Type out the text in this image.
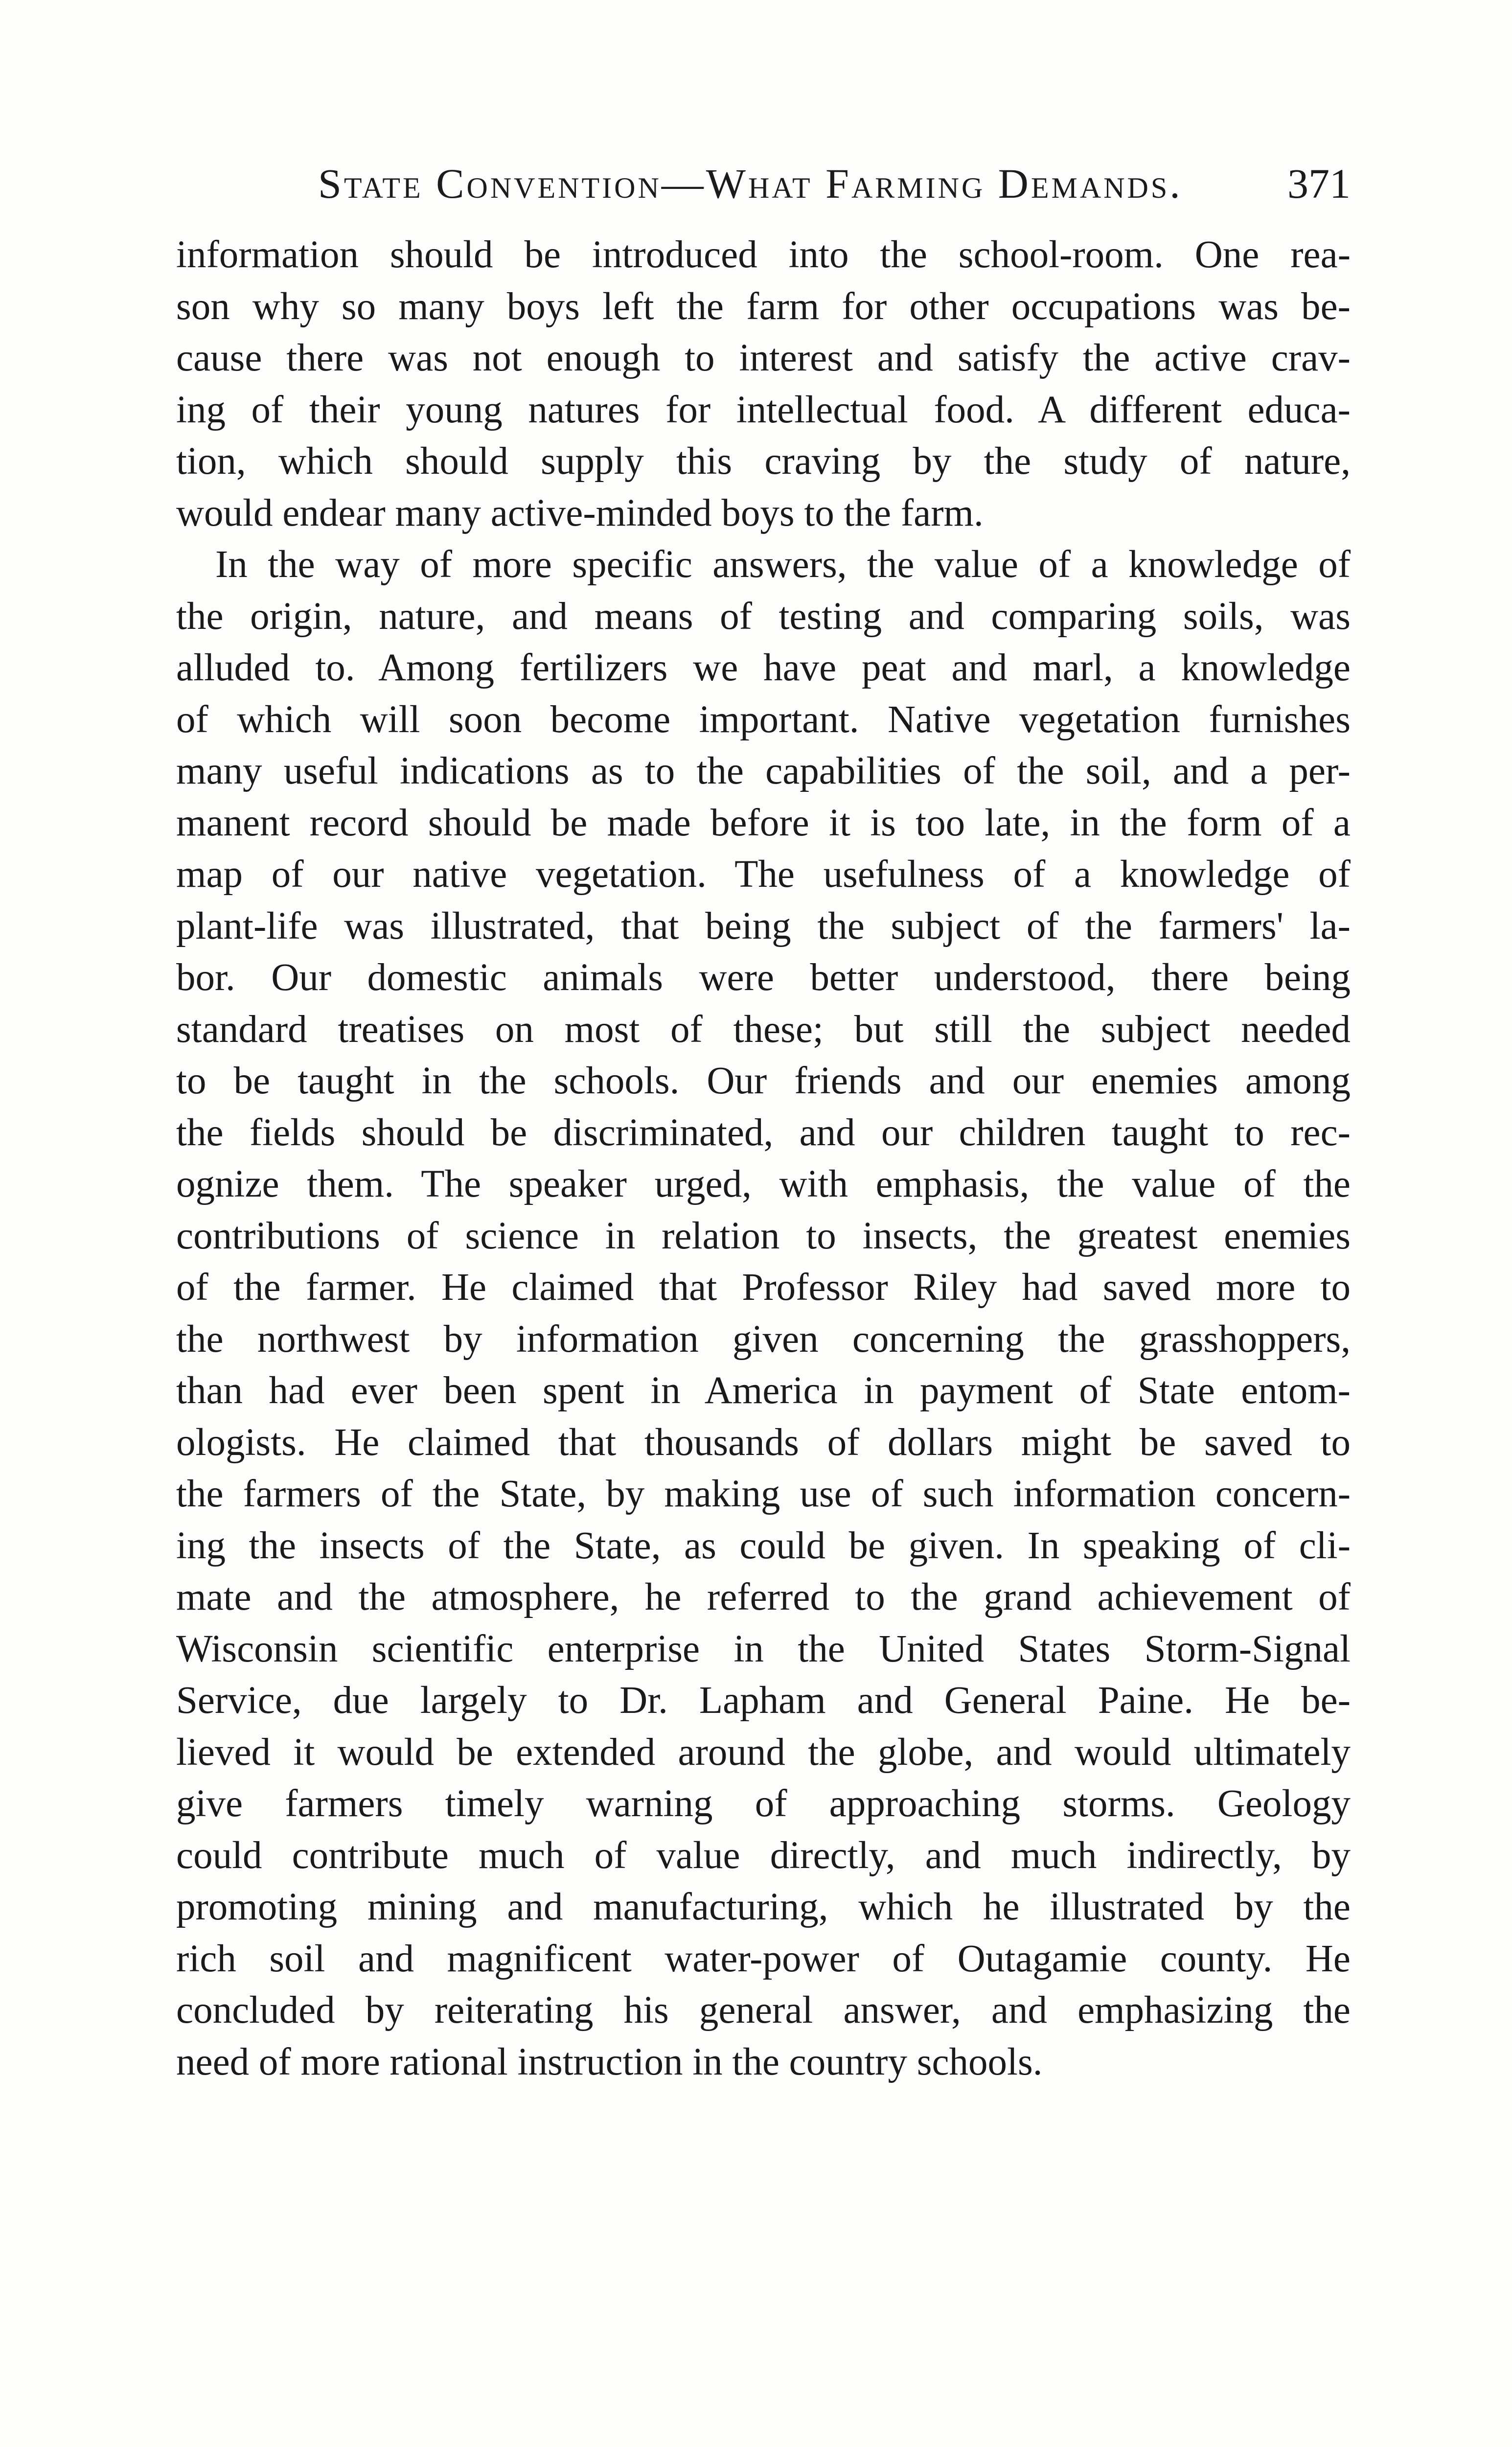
State Convention—What Farming Demands. 371
information should be introduced into the school-room. One rea-
son why so many boys left the farm for other occupations was be-
cause there was not enough to interest and satisfy the active crav-
ing of their young natures for intellectual food. A different educa-
tion, which should supply this craving by the study of nature,
would endear many active-minded boys to the farm.
In the way of more specific answers, the value of a knowledge of
the origin, nature, and means of testing and comparing soils, was
alluded to. Among fertilizers we have peat and marl, a knowledge
of which will soon become important. Native vegetation furnishes
many useful indications as to the capabilities of the soil, and a per-
manent record should be made before it is too late, in the form of a
map of our native vegetation. The usefulness of a knowledge of
plant-life was illustrated, that being the subject of the farmers' la-
bor. Our domestic animals were better understood, there being
standard treatises on most of these; but still the subject needed
to be taught in the schools. Our friends and our enemies among
the fields should be discriminated, and our children taught to rec-
ognize them. The speaker urged, with emphasis, the value of the
contributions of science in relation to insects, the greatest enemies
of the farmer. He claimed that Professor Riley had saved more to
the northwest by information given concerning the grasshoppers,
than had ever been spent in America in payment of State entom-
ologists. He claimed that thousands of dollars might be saved to
the farmers of the State, by making use of such information concern-
ing the insects of the State, as could be given. In speaking of cli-
mate and the atmosphere, he referred to the grand achievement of
Wisconsin scientific enterprise in the United States Storm-Signal
Service, due largely to Dr. Lapham and General Paine. He be-
lieved it would be extended around the globe, and would ultimately
give farmers timely warning of approaching storms. Geology
could contribute much of value directly, and much indirectly, by
promoting mining and manufacturing, which he illustrated by the
rich soil and magnificent water-power of Outagamie county. He
concluded by reiterating his general answer, and emphasizing the
need of more rational instruction in the country schools.
